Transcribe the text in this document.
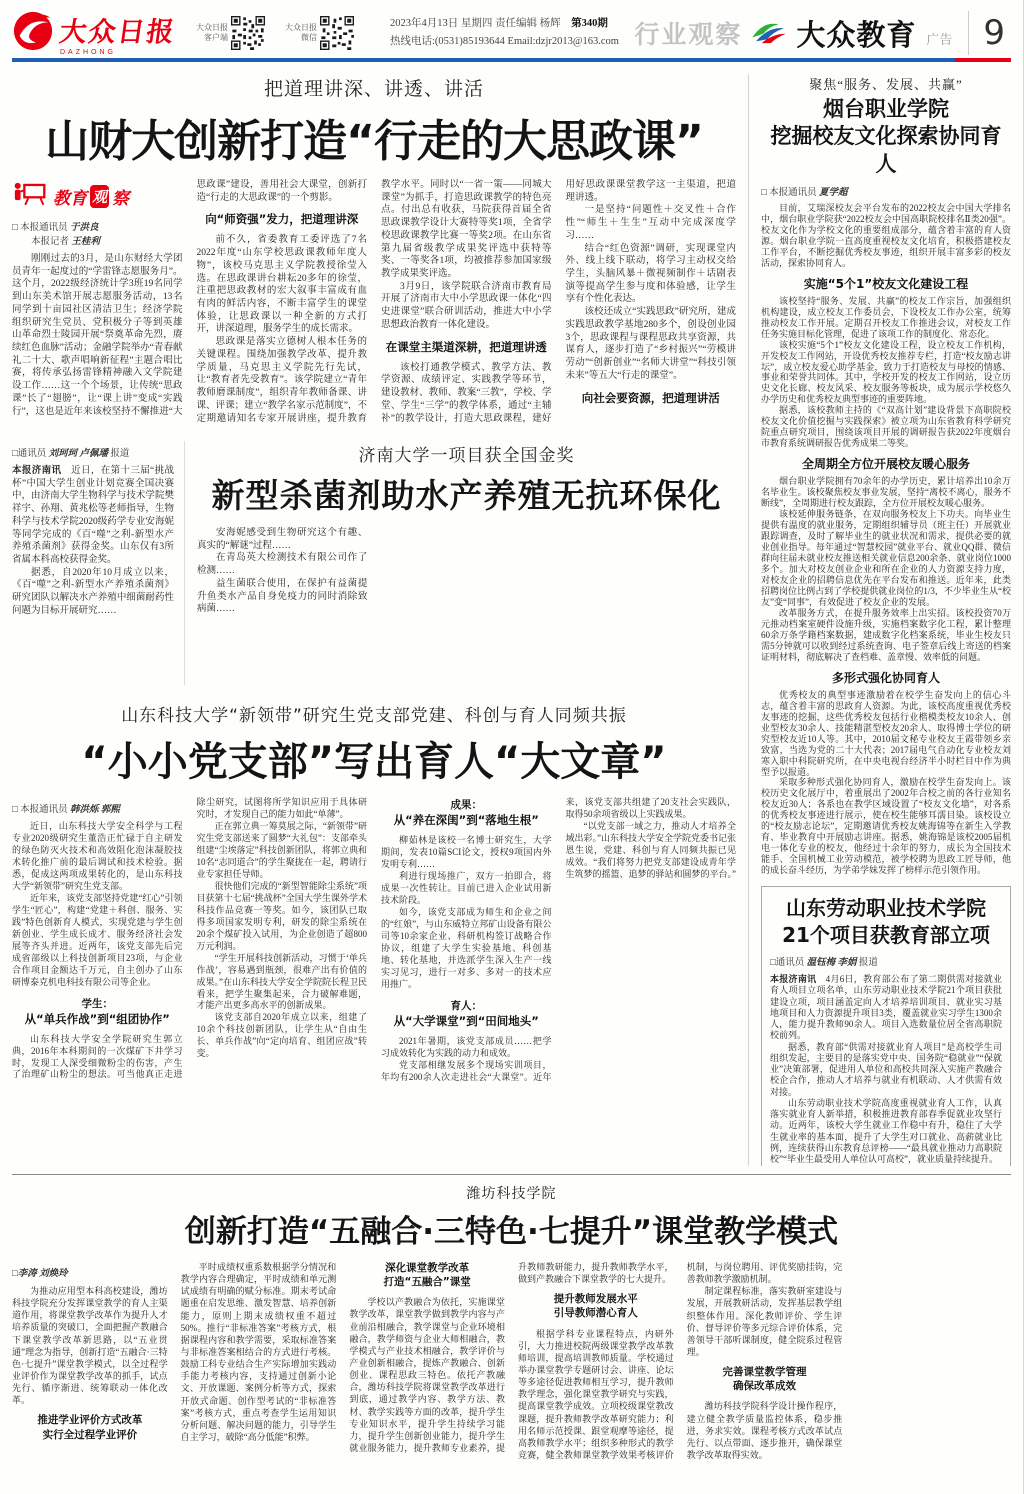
大众日报
DAZHONG
大众日报
客户端
大众日报
微信
2023年4月13日 星期四 责任编辑 杨辉　 第340期
热线电话:(0531)85193644 Email:dzjr2013@163.com 行业观察 大众教育 广告 9
把道理讲深、讲透、讲活
山财大创新打造“行走的大思政课”
教育 观 察
□ 本报通讯员 于洪良
　　本报记者 王桂利

刚刚过去的3月，是山东财经大学团员青年一起度过的“学雷锋志愿服务月”。这个月，2022级经济统计学3班19名同学到山东美术馆开展志愿服务活动，13名同学到十亩园社区清洁卫生；经济学院组织研究生党员、党积极分子等到英雄山革命烈士陵园开展“祭奠革命先烈，赓续红色血脉”活动；金融学院举办“青春献礼二十大、歌声唱响新征程”主题合唱比赛，将传承弘扬雷锋精神融入文学院建设工作……这一个个场景，让传统“思政课”长了“翅膀”，让“课上讲”变成“实践行”，这也是近年来该校坚持不懈推进“大思政课”建设，善用社会大课堂，创新打造“行走的大思政课”的一个剪影。

向“师资强”发力，把道理讲深

前不久，省委教育工委评选了7名2022年度“山东学校思政课教师年度人物”，该校马克思主义学院教授徐莹入选。在思政课讲台耕耘20多年的徐莹，注重把思政教材的宏大叙事丰富成有血有肉的鲜活内容，不断丰富学生的课堂体验，让思政课以一种全新的方式打开，讲深道理，服务学生的成长需求。

思政课是落实立德树人根本任务的关键课程。围绕加强教学改革、提升教学质量，马克思主义学院先行先试，让“教育者先受教育”。该学院建立“青年教师磨课制度”，组织青年教师备课、讲课、评课；建立“教学名家示范制度”，不定期邀请知名专家开展讲座，提升教育教学水平。同时以“一省一策——同城大课堂”为抓手，打造思政课教学的特色亮点。付出总有收获，马院获得首届全省思政课教学设计大赛特等奖1项，全省学校思政课教学比赛一等奖2项。在山东省第九届省级教学成果奖评选中获特等奖、一等奖各1项，均被推荐参加国家级教学成果奖评选。

3月9日，该学院联合济南市教育局开展了济南市大中小学思政课一体化“四史进课堂”联合研训活动，推进大中小学思想政治教育一体化建设。

在课堂主渠道深耕，把道理讲透

该校打通教学模式、教学方法、教学资源、成绩评定、实践教学等环节，建设教材、教师、教案“三教”，学校、学堂、学生“三学”的教学体系，通过“主辅补”的教学设计，打造大思政课程，建好用好思政课课堂教学这一主渠道，把道理讲透。

一是坚持“问题性＋交叉性＋合作性”“师生＋生生”互动中完成深度学习……

结合“红色资源”调研，实现课堂内外、线上线下联动，将学习主动权交给学生，头脑风暴＋微视频制作＋话剧表演等提高学生参与度和体验感，让学生享有个性化表达。

该校还成立“实践思政”研究所，建成实践思政教学基地280多个，创设创业园3个，思政课程与课程思政共享资源，共谋育人，逐步打造了“乡村振兴”“劳模讲劳动”“创新创业”“名师大讲堂”“科技引领未来”等五大“行走的课堂”。

向社会要资源，把道理讲活
□通讯员 刘珂珂 卢佩璠 报道

本报济南讯　近日，在第十三届“挑战杯”中国大学生创业计划竞赛全国决赛中，由济南大学生物科学与技术学院樊祥宇、孙翔、黄兆松等老师指导，生物科学与技术学院2020级药学专业安海妮等同学完成的《百“噬”之利-新型水产养殖杀菌剂》获得金奖。山东仅有3所省属本科高校获得金奖。

据悉，自2020年10月成立以来，《百“噬”之利-新型水产养殖杀菌剂》研究团队以解决水产养殖中细菌耐药性问题为目标开展研究……

济南大学一项目获全国金奖
新型杀菌剂助水产养殖无抗环保化

安海妮感受到生物研究这个有趣、真实的“解谜”过程……

在青岛英大检测技术有限公司作了检测……

益生菌联合使用，在保护有益菌提升鱼类水产品自身免疫力的同时消除致病菌……

山东科技大学“新领带”研究生党支部党建、科创与育人同频共振
“小小党支部”写出育人“大文章”
□ 本报通讯员 韩洪烁 郭熙

近日，山东科技大学安全科学与工程专业2020级研究生董浩正忙碌于自主研发的绿色防灭火技术和高效阻化泡沫凝胶技术转化推广前的最后调试和技术检验。据悉，促成这两项成果转化的，是山东科技大学“新领带”研究生党支部。

近年来，该党支部坚持党建“红心”引领学生“匠心”，构建“党建＋科创、服务、实践”特色创新育人模式，实现党建与学生创新创业、学生成长成才、服务经济社会发展等齐头并进。近两年，该党支部先后完成省部级以上科技创新项目23项，与企业合作项目金额达千万元，自主创办了山东研博泰克机电科技有限公司等企业。

学生：
从“单兵作战”到“组团协作”

山东科技大学安全学院研究生郭立典，2016年本科期间的一次煤矿下井学习时，发现工人深受细微粉尘的伤害，产生了治理矿山粉尘的想法。可当他真正走进除尘研究，试图将所学知识应用于具体研究时，才发现自己的能力如此“单薄”。

正在郭立典一筹莫展之际，“新领带”研究生党支部送来了圆梦“大礼包”：支部牵头组建“尘埃落定”科技创新团队，将郭立典和10名“志同道合”的学生聚拢在一起，聘请行业专家担任导师。

很快他们完成的“新型智能除尘系统”项目获第十七届“挑战杯”全国大学生课外学术科技作品竞赛一等奖。如今，该团队已取得多项国家发明专利，研发的除尘系统在20余个煤矿投入试用，为企业创造了超800万元利润。

“学生开展科技创新活动，习惯于‘单兵作战’，容易遇到瓶颈，很难产出有价值的成果。”在山东科技大学安全学院院长程卫民看来，把学生聚集起来，合力破解难题，才能产出更多高水平的创新成果。

该党支部自2020年成立以来，组建了10余个科技创新团队，让学生从“自由生长、单兵作战”向“定向培育、组团应战”转变。

成果：
从“养在深闺”到“落地生根”

柳茹林是该校一名博士研究生，大学期间，发表10篇SCI论文，授权9项国内外发明专利……

利进行现场推广，双方一拍即合，将成果一次性转让。目前已进入企业试用新技术阶段。

如今，该党支部成为师生和企业之间的“红娘”，与山东威特立邦矿山设备有限公司等10余家企业、科研机构签订战略合作协议，组建了大学生实验基地、科创基地、转化基地，并选派学生深入生产一线实习见习，进行一对多、多对一的技术应用推广。

育人：
从“大学课堂”到“田间地头”

2021年暑期，该党支部成员……把学习成效转化为实践的动力和成效。

党支部相继发展多个现场实训项目，年均有200余人次走进社会“大课堂”。近年来，该党支部共组建了20支社会实践队，取得50余项省级以上实践成果。

“以党支部一域之力，推动人才培养全域出彩。”山东科技大学安全学院党委书记张恩生说，党建、科创与育人同频共振已见成效。“我们将努力把党支部建设成青年学生筑梦的摇篮、追梦的驿站和圆梦的平台。”

聚焦“服务、发展、共赢”
烟台职业学院
挖掘校友文化探索协同育人
□ 本报通讯员 夏学超

目前，艾瑞深校友会平台发布的2022校友会中国大学排名中，烟台职业学院获“2022校友会中国高职院校排名Ⅱ类20强”。校友文化作为学校文化的重要组成部分，蕴含着丰富的育人资源。烟台职业学院一直高度重视校友文化培育，积极搭建校友工作平台，不断挖掘优秀校友事迹，组织开展丰富多彩的校友活动，探索协同育人。

实施“5个1”校友文化建设工程

该校坚持“服务、发展、共赢”的校友工作宗旨，加强组织机构建设，成立校友工作委员会，下设校友工作办公室，统筹推动校友工作开展。定期召开校友工作推进会议，对校友工作任务实施目标化管理，促进了该项工作的制度化、常态化。

该校实施“5个1”校友文化建设工程，设立校友工作机构，开发校友工作网站，开设优秀校友推荐专栏，打造“校友励志讲坛”，成立校友爱心助学基金，致力于打造校友与母校的情感、事业和荣誉共同体。其中，学校开发的校友工作网站，设立历史文化长廊、校友风采、校友服务等板块，成为展示学校悠久办学历史和优秀校友典型事迹的重要阵地。

据悉，该校教师主持的《“双高计划”建设背景下高职院校校友文化价值挖掘与实践探索》被立项为山东省教育科学研究院重点研究项目，围绕该项目开展的调研报告获2022年度烟台市教育系统调研报告优秀成果二等奖。

全周期全方位开展校友暖心服务

烟台职业学院拥有70余年的办学历史，累计培养出10余万名毕业生。该校聚焦校友事业发展，坚持“离校不离心，服务不断线”，全周期进行校友跟踪，全方位开展校友暖心服务。

该校延伸服务链条，在双向服务校友上下功夫。向毕业生提供有温度的就业服务，定期组织辅导员（班主任）开展就业跟踪调查，及时了解毕业生的就业状况和需求，提供必要的就业创业指导。每年通过“智慧校园”就业平台、就业QQ群、微信群向往届未就业校友推送相关就业信息200余条、就业岗位1000多个。加大对校友创业企业和所在企业的人力资源支持力度，对校友企业的招聘信息优先在平台发布和推送。近年来，此类招聘岗位比例占到了学校提供就业岗位的1/3，不少毕业生从“校友”变“同事”，有效促进了校友企业的发展。

改革服务方式，在提升服务效率上出实招。该校投资70万元推动档案室硬件设施升级，实施档案数字化工程，累计整理60余万条学籍档案数据，建成数字化档案系统，毕业生校友只需5分钟就可以收到经过系统查询、电子签章后线上寄送的档案证明材料，彻底解决了查档难、盖章慢、效率低的问题。

多形式强化协同育人

优秀校友的典型事迹激励着在校学生奋发向上的信心斗志，蕴含着丰富的思政育人资源。为此，该校高度重视优秀校友事迹的挖掘，这些优秀校友包括行业楷模类校友10余人、创业型校友30余人、技能精湛型校友20余人、取得博士学位的研究型校友近10人等。其中，2010届文秘专业校友王霞带领乡亲致富，当选为党的二十大代表；2017届电气自动化专业校友刘寒入职中科院研究所，在中央电视台经济半小时栏目中作为典型予以报道。

采取多种形式强化协同育人，激励在校学生奋发向上。该校历史文化展厅中，着重展出了2002年合校之前的各行业知名校友近30人；各系也在教学区域设置了“校友文化墙”，对各系的优秀校友事迹进行展示，使在校生能够耳濡目染。该校设立的“校友励志论坛”，定期邀请优秀校友姚海锦等在新生入学教育、毕业教育中开展励志讲座。据悉，姚海锦是该校2005届机电一体化专业的校友，他经过十余年的努力，成长为全国技术能手、全国机械工业劳动模范，被学校聘为思政工匠导师，他的成长奋斗经历，为学弟学妹发挥了榜样示范引领作用。

山东劳动职业技术学院
21个项目获教育部立项
□通讯员 温钰梅 李娟 报道

本报济南讯　4月6日，教育部公布了第二期供需对接就业育人项目立项名单，山东劳动职业技术学院21个项目获批建设立项，项目涵盖定向人才培养培训项目、就业实习基地项目和人力资源提升项目3类，覆盖就业实习学生1300余人，能力提升教师90余人。项目入选数量位居全省高职院校前列。

据悉，教育部“供需对接就业育人项目”是高校学生司组织发起，主要目的是落实党中央、国务院“稳就业”“保就业”决策部署，促进用人单位和高校共同深入实施产教融合校企合作，推动人才培养与就业有机联动、人才供需有效对接。

山东劳动职业技术学院高度重视就业育人工作，认真落实就业育人新举措，积极推进教育部春季促就业攻坚行动。近两年，该校大学生就业工作稳中有升，稳住了大学生就业率的基本面，提升了大学生对口就业、高薪就业比例，连续获得山东教育总评榜——“最具就业推动力高职院校”“毕业生最受用人单位认可高校”，就业质量持续提升。

潍坊科技学院
创新打造“五融合·三特色·七提升”课堂教学模式
□李涛 刘焕玲

为推动应用型本科高校建设，潍坊科技学院充分发挥课堂教学的育人主渠道作用，将课堂教学改革作为提升人才培养质量的突破口，全面把握产教融合下课堂教学改革新思路，以“五业贯通”理念为指导，创新打造“五融合·三特色·七提升”课堂教学模式，以全过程学业评价作为课堂教学改革的抓手，试点先行、循序渐进、统筹联动一体化改革。

推进学业评价方式改革
实行全过程学业评价

平时成绩权重系数根据学分情况和教学内容合理确定，平时成绩和单元测试成绩有明确的赋分标准。期末考试命题重在启发思维、激发智慧、培养创新能力，原则上期末成绩权重不超过50%。推行“非标准答案”考核方式，根据课程内容和教学需要，采取标准答案与非标准答案相结合的方式进行考核。鼓励工科专业结合生产实际增加实践动手能力考核内容，支持通过创新小论文、开放课题、案例分析等方式，探索开放式命题、创作型考试的“非标准答案”考核方式，重点考查学生运用知识分析问题、解决问题的能力，引导学生自主学习，破除“高分低能”积弊。

深化课堂教学改革
打造“五融合”课堂

学校以产教融合为依托，实施课堂教学改革，课堂教学做到教学内容与产业前沿相融合，教学课堂与企业环境相融合，教学师资与企业大师相融合，教学模式与产业技术相融合，教学评价与产业创新相融合，提炼产教融合、创新创业、课程思政三特色。依托产教融合，潍坊科技学院将课堂教学改革进行到底，通过教学内容、教学方法、教材、教学实践等方面的改革，提升学生专业知识水平，提升学生持续学习能力，提升学生创新创业能力，提升学生就业服务能力，提升教师专业素养，提升教师教研能力，提升教师教学水平，做到产教融合下课堂教学的七大提升。

提升教师发展水平
引导教师潜心育人

根据学科专业课程特点，内研外引，大力推进校院两级课堂教学改革教师培训，提高培训教师质量。学校通过举办课堂教学专题研讨会、讲座、论坛等多途径促进教师相互学习，提升教师教学理念，强化课堂教学研究与实践，提高课堂教学成效。立项校级课堂教改课题，提升教师教学改革研究能力；利用名师示范授课、跟堂观摩等途径，提高教师教学水平；组织多种形式的教学竞赛，健全教师课堂教学效果考核评价机制，与岗位聘用、评优奖励挂钩，完善教师教学激励机制。

制定课程标准，落实教研室建设与发展，开展教研活动，发挥基层教学组织整体作用。深化教师评价、学生评价、督导评价等多元综合评价体系，完善领导干部听课制度，健全院系过程管理。

完善课堂教学管理
确保改革成效

潍坊科技学院科学设计操作程序，建立健全教学质量监控体系，稳步推进，务求实效。课程考核方式改革试点先行、以点带面、逐步推开，确保课堂教学改革取得实效。
